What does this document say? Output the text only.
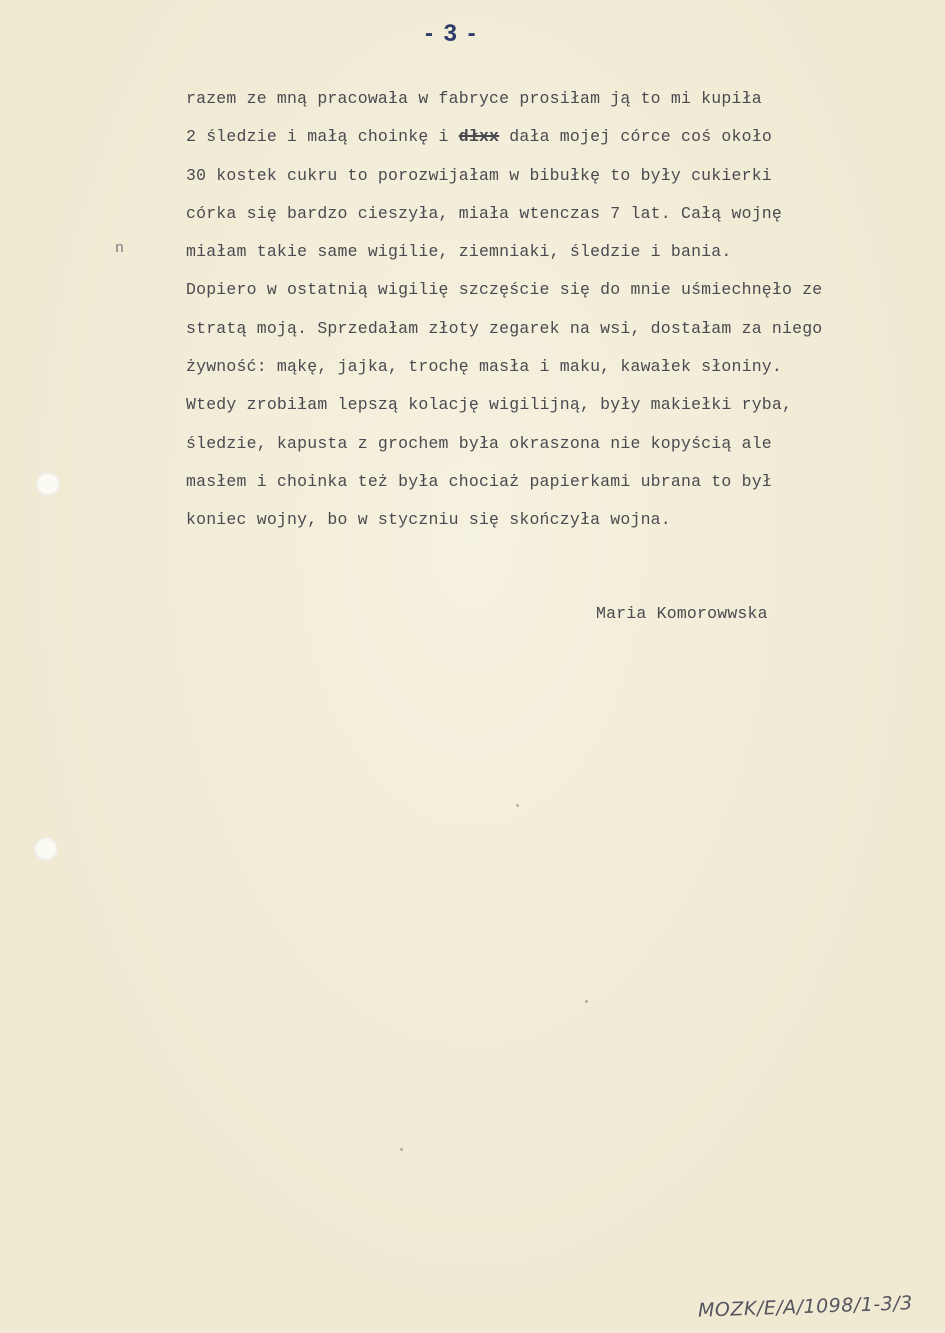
- 3 -
n
razem ze mną pracowała w fabryce prosiłam ją to mi kupiła
2 śledzie i małą choinkę i dłxx dała mojej córce coś około
30 kostek cukru to porozwijałam w bibułkę to były cukierki
córka się bardzo cieszyła, miała wtenczas 7 lat. Całą wojnę
miałam takie same wigilie, ziemniaki, śledzie i bania.
Dopiero w ostatnią wigilię szczęście się do mnie uśmiechnęło ze
stratą moją. Sprzedałam złoty zegarek na wsi, dostałam za niego
żywność: mąkę, jajka, trochę masła i maku, kawałek słoniny.
Wtedy zrobiłam lepszą kolację wigilijną, były makiełki ryba,
śledzie, kapusta z grochem była okraszona nie kopyścią ale
masłem i choinka też była chociaż papierkami ubrana to był
koniec wojny, bo w styczniu się skończyła wojna.
Maria Komorowwska
MOZK/E/A/1098/1-3/3
